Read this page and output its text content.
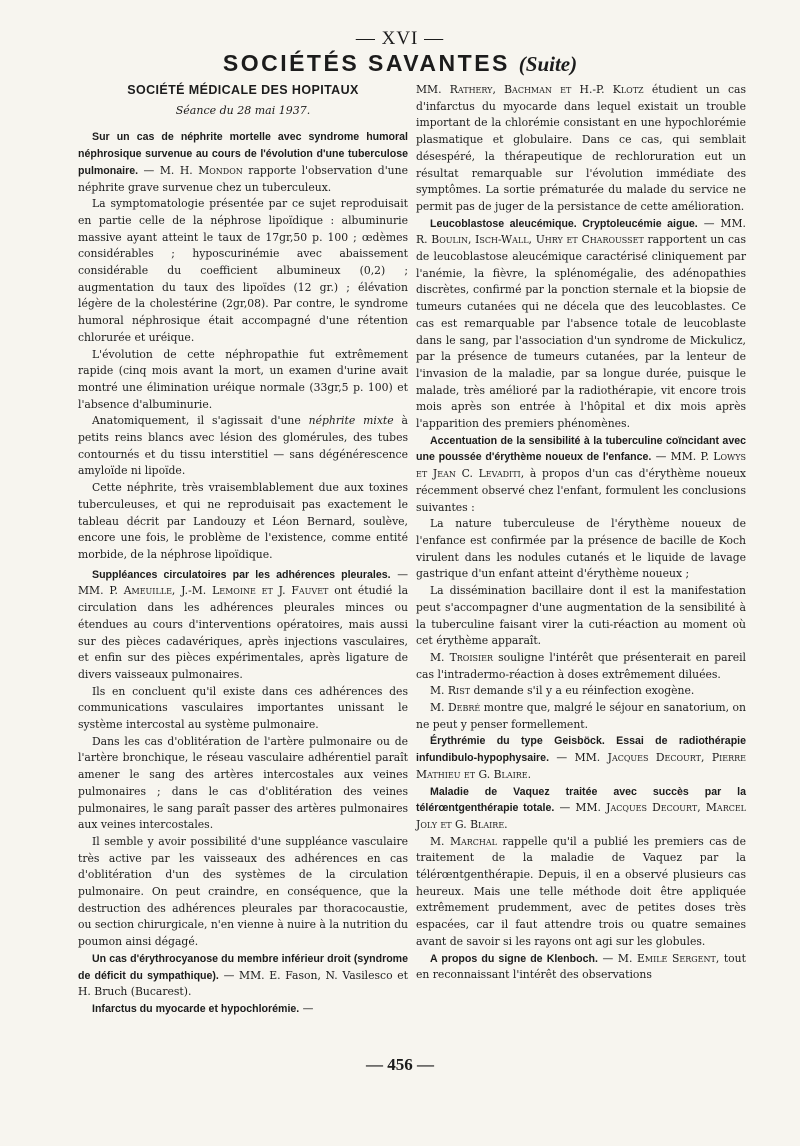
— XVI —
SOCIÉTÉS SAVANTES (Suite)
SOCIÉTÉ MÉDICALE DES HOPITAUX
Séance du 28 mai 1937.

Sur un cas de néphrite mortelle avec syndrome humoral néphrosique survenue au cours de l'évolution d'une tuberculose pulmonaire. — M. H. Mondon rapporte l'observation d'une néphrite grave survenue chez un tuberculeux.

La symptomatologie présentée par ce sujet reproduisait en partie celle de la néphrose lipoïdique : albuminurie massive ayant atteint le taux de 17gr,50 p. 100 ; œdèmes considérables ; hyposcurinémie avec abaissement considérable du coefficient albumineux (0,2) ; augmentation du taux des lipoïdes (12 gr.) ; élévation légère de la cholestérine (2gr,08). Par contre, le syndrome humoral néphrosique était accompagné d'une rétention chlorurée et uréique.

L'évolution de cette néphropathie fut extrêmement rapide (cinq mois avant la mort, un examen d'urine avait montré une élimination uréique normale (33gr,5 p. 100) et l'absence d'albuminurie.

Anatomiquement, il s'agissait d'une néphrite mixte à petits reins blancs avec lésion des glomérules, des tubes contournés et du tissu interstitiel — sans dégénérescence amyloïde ni lipoïde.

Cette néphrite, très vraisemblablement due aux toxines tuberculeuses, et qui ne reproduisait pas exactement le tableau décrit par Landouzy et Léon Bernard, soulève, encore une fois, le problème de l'existence, comme entité morbide, de la néphrose lipoïdique.

Suppléances circulatoires par les adhérences pleurales. — MM. P. Ameuille, J.-M. Lemoine et J. Fauvet ont étudié la circulation dans les adhérences pleurales minces ou étendues au cours d'interventions opératoires, mais aussi sur des pièces cadavériques, après injections vasculaires, et enfin sur des pièces expérimentales, après ligature de divers vaisseaux pulmonaires.

Ils en concluent qu'il existe dans ces adhérences des communications vasculaires importantes unissant le système intercostal au système pulmonaire.

Dans les cas d'oblitération de l'artère pulmonaire ou de l'artère bronchique, le réseau vasculaire adhérentiel paraît amener le sang des artères intercostales aux veines pulmonaires ; dans le cas d'oblitération des veines pulmonaires, le sang paraît passer des artères pulmonaires aux veines intercostales.

Il semble y avoir possibilité d'une suppléance vasculaire très active par les vaisseaux des adhérences en cas d'oblitération d'un des systèmes de la circulation pulmonaire. On peut craindre, en conséquence, que la destruction des adhérences pleurales par thoracocaustie, ou section chirurgicale, n'en vienne à nuire à la nutrition du poumon ainsi dégagé.

Un cas d'érythrocyanose du membre inférieur droit (syndrome de déficit du sympathique). — MM. E. Fason, N. Vasilesco et H. Bruch (Bucarest).

Infarctus du myocarde et hypochlorémie. —

MM. Rathery, Bachman et H.-P. Klotz étudient un cas d'infarctus du myocarde dans lequel existait un trouble important de la chlorémie consistant en une hypochlorémie plasmatique et globulaire. Dans ce cas, qui semblait désespéré, la thérapeutique de rechloruration eut un résultat remarquable sur l'évolution immédiate des symptômes. La sortie prématurée du malade du service ne permit pas de juger de la persistance de cette amélioration.

Leucoblastose aleucémique. Cryptoleucémie aigue. — MM. R. Boulin, Isch-Wall, Uhry et Charousset rapportent un cas de leucoblastose aleucémique caractérisé cliniquement par l'anémie, la fièvre, la splénomégalie, des adénopathies discrètes, confirmé par la ponction sternale et la biopsie de tumeurs cutanées qui ne décela que des leucoblastes. Ce cas est remarquable par l'absence totale de leucoblaste dans le sang, par l'association d'un syndrome de Mickulicz, par la présence de tumeurs cutanées, par la lenteur de l'invasion de la maladie, par sa longue durée, puisque le malade, très amélioré par la radiothérapie, vit encore trois mois après son entrée à l'hôpital et dix mois après l'apparition des premiers phénomènes.

Accentuation de la sensibilité à la tuberculine coïncidant avec une poussée d'érythème noueux de l'enfance. — MM. P. Lowys et Jean C. Levaditi, à propos d'un cas d'érythème noueux récemment observé chez l'enfant, formulent les conclusions suivantes :

La nature tuberculeuse de l'érythème noueux de l'enfance est confirmée par la présence de bacille de Koch virulent dans les nodules cutanés et le liquide de lavage gastrique d'un enfant atteint d'érythème noueux ;

La dissémination bacillaire dont il est la manifestation peut s'accompagner d'une augmentation de la sensibilité à la tuberculine faisant virer la cuti-réaction au moment où cet érythème apparaît.

M. Troisier souligne l'intérêt que présenterait en pareil cas l'intradermo-réaction à doses extrêmement diluées.

M. Rist demande s'il y a eu réinfection exogène.

M. Debré montre que, malgré le séjour en sanatorium, on ne peut y penser formellement.

Érythrémie du type Geisböck. Essai de radiothérapie infundibulo-hypophysaire. — MM. Jacques Decourt, Pierre Mathieu et G. Blaire.

Maladie de Vaquez traitée avec succès par la télérœntgenthérapie totale. — MM. Jacques Decourt, Marcel Joly et G. Blaire.

M. Marchal rappelle qu'il a publié les premiers cas de traitement de la maladie de Vaquez par la télérœntgenthérapie. Depuis, il en a observé plusieurs cas heureux. Mais une telle méthode doit être appliquée extrêmement prudemment, avec de petites doses très espacées, car il faut attendre trois ou quatre semaines avant de savoir si les rayons ont agi sur les globules.

A propos du signe de Klenboch. — M. Emile Sergent, tout en reconnaissant l'intérêt des observations

— 456 —
